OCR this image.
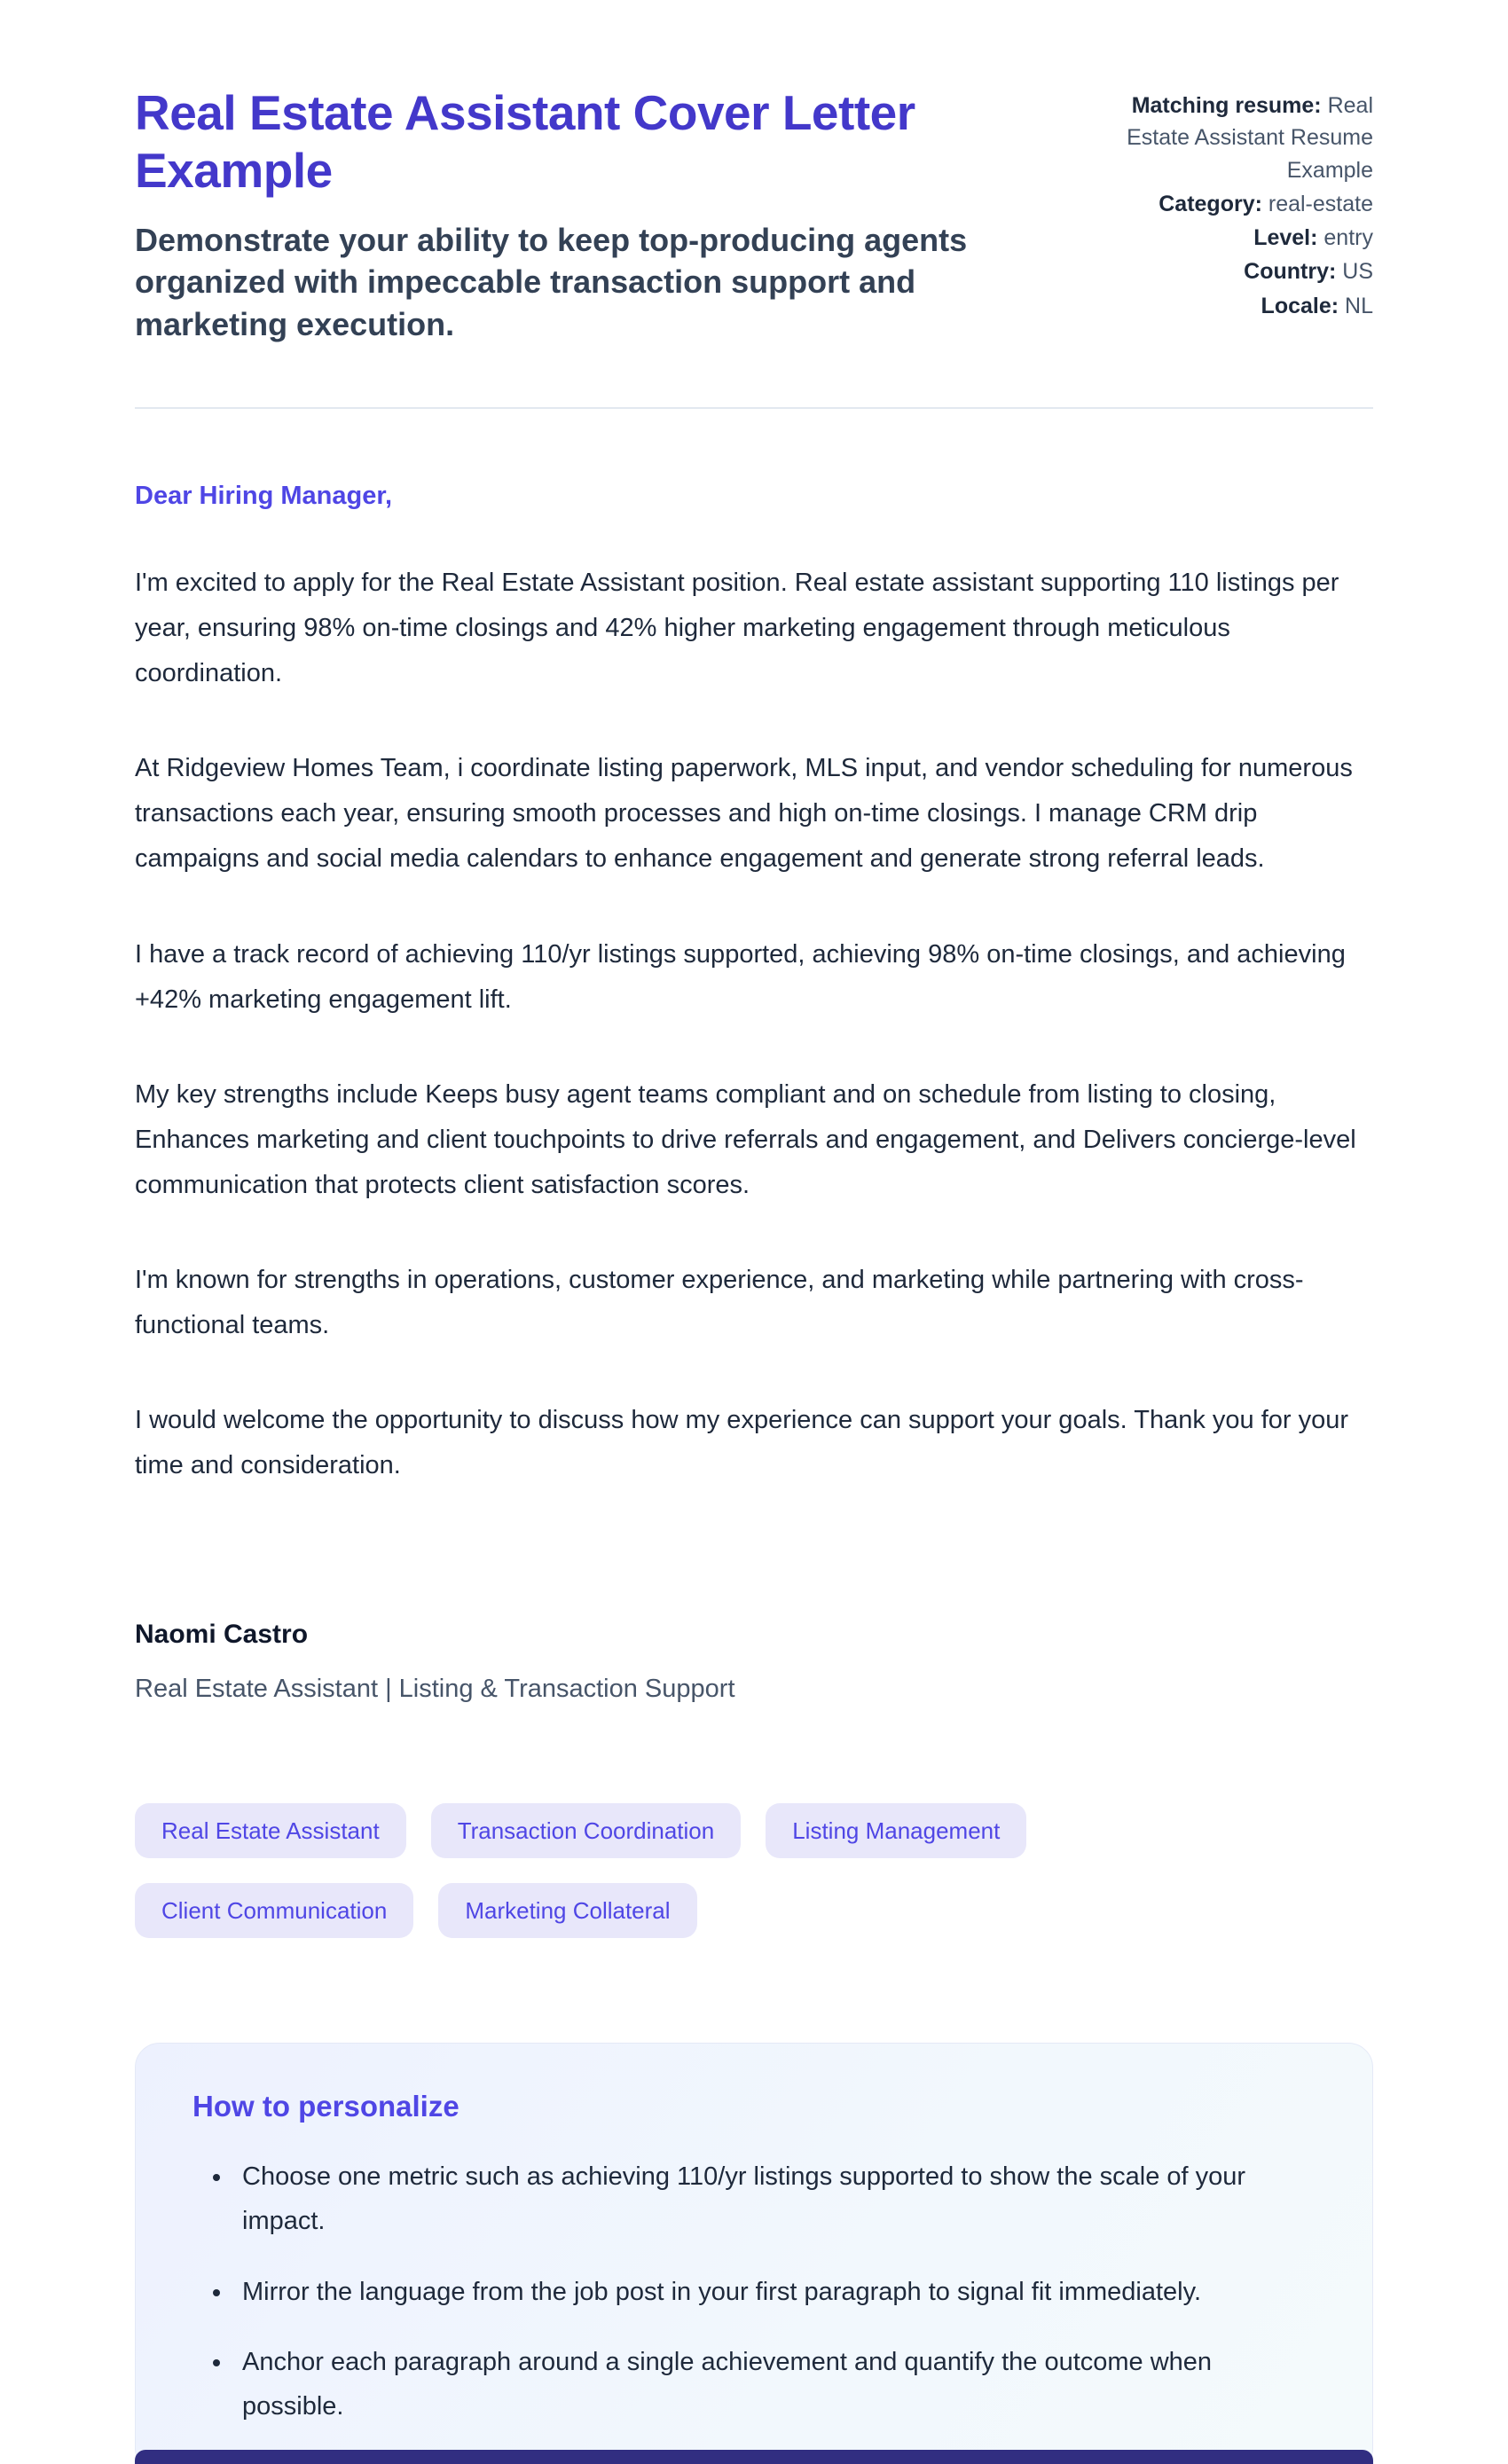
Real Estate Assistant Cover Letter Example

Demonstrate your ability to keep top-producing agents organized with impeccable transaction support and marketing execution.

Matching resume: Real Estate Assistant Resume Example
Category: real-estate
Level: entry
Country: US
Locale: NL

Dear Hiring Manager,

I'm excited to apply for the Real Estate Assistant position. Real estate assistant supporting 110 listings per year, ensuring 98% on-time closings and 42% higher marketing engagement through meticulous coordination.

At Ridgeview Homes Team, i coordinate listing paperwork, MLS input, and vendor scheduling for numerous transactions each year, ensuring smooth processes and high on-time closings. I manage CRM drip campaigns and social media calendars to enhance engagement and generate strong referral leads.

I have a track record of achieving 110/yr listings supported, achieving 98% on-time closings, and achieving +42% marketing engagement lift.

My key strengths include Keeps busy agent teams compliant and on schedule from listing to closing, Enhances marketing and client touchpoints to drive referrals and engagement, and Delivers concierge-level communication that protects client satisfaction scores.

I'm known for strengths in operations, customer experience, and marketing while partnering with cross-functional teams.

I would welcome the opportunity to discuss how my experience can support your goals. Thank you for your time and consideration.

Naomi Castro

Real Estate Assistant | Listing & Transaction Support

Real Estate Assistant	Transaction Coordination	Listing Management
Client Communication	Marketing Collateral
How to personalize
• Choose one metric such as achieving 110/yr listings supported to show the scale of your impact.
• Mirror the language from the job post in your first paragraph to signal fit immediately.
• Anchor each paragraph around a single achievement and quantify the outcome when possible.
